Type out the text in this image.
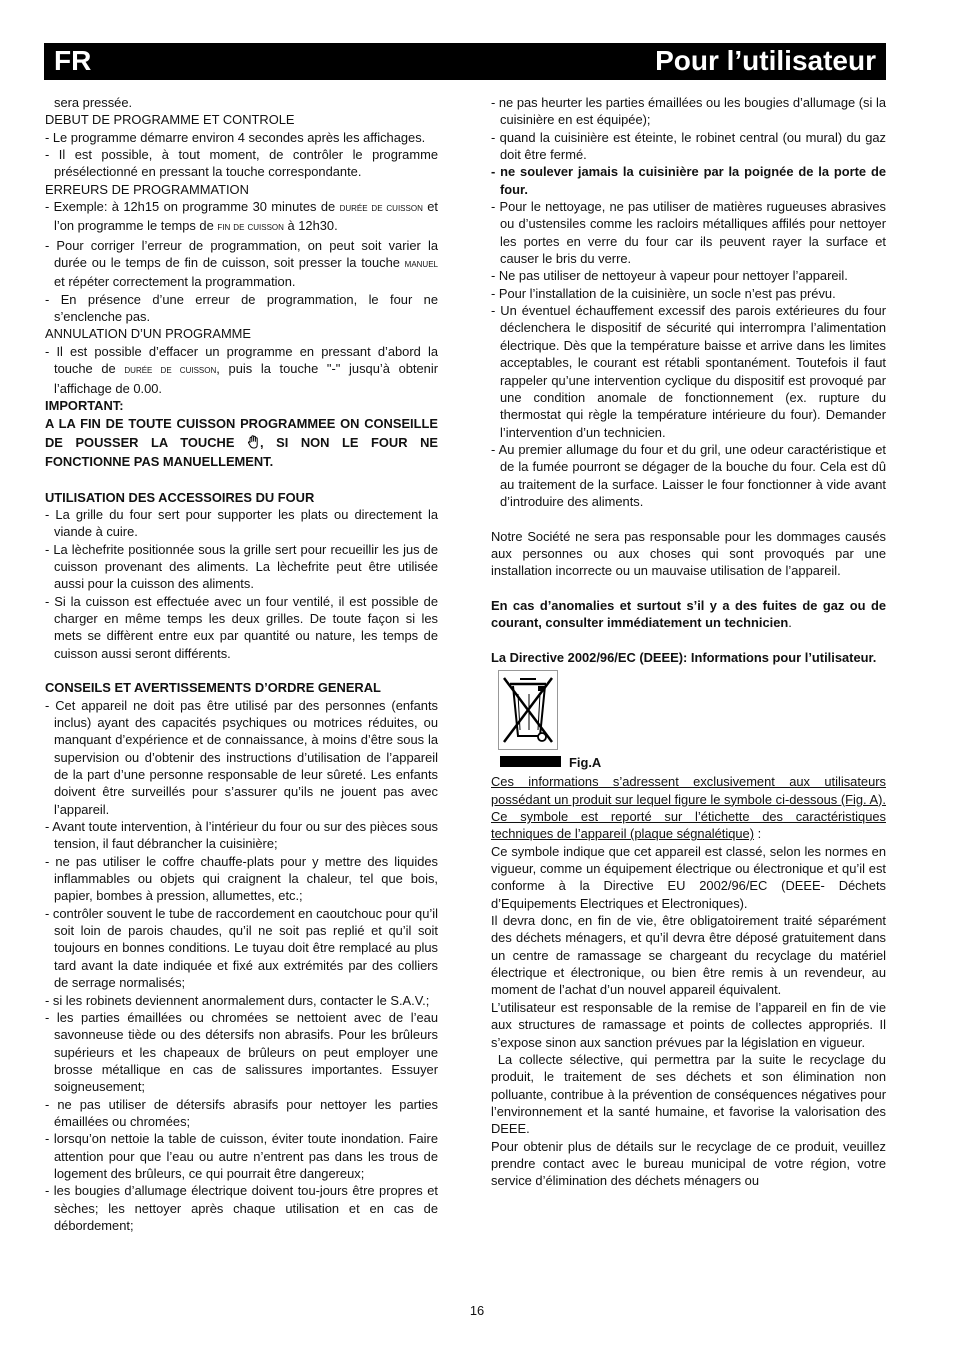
FR	Pour l’utilisateur

sera pressée.

DEBUT DE PROGRAMME ET CONTROLE

- Le programme démarre environ 4 secondes après les affichages.

- Il est possible, à tout moment, de contrôler le programme présélectionné en pressant la touche correspondante.

ERREURS DE PROGRAMMATION

- Exemple: à 12h15 on programme 30 minutes de durée de cuisson et l’on programme le temps de fin de cuisson à 12h30.

- Pour corriger l’erreur de programmation, on peut soit varier la durée ou le temps de fin de cuisson, soit presser la touche manuel et répéter correctement la programmation.

- En présence d’une erreur de programmation, le four ne s’enclenche pas.

ANNULATION D’UN PROGRAMME

- Il est possible d’effacer un programme en pressant d’abord la touche de durée de cuisson, puis la touche "-" jusqu’à obtenir l’affichage de 0.00.

IMPORTANT:

A LA FIN DE TOUTE CUISSON PROGRAMMEE ON CONSEILLE DE POUSSER LA TOUCHE , SI NON LE FOUR NE FONCTIONNE PAS MANUELLEMENT.

UTILISATION DES ACCESSOIRES DU FOUR

- La grille du four sert pour supporter les plats ou directement la viande à cuire.

- La lèchefrite positionnée sous la grille sert pour recueillir les jus de cuisson provenant des aliments. La lèchefrite peut être utilisée aussi pour la cuisson des aliments.

- Si la cuisson est effectuée avec un four ventilé, il est possible de charger en même temps les deux grilles. De toute façon si les mets se diffèrent entre eux par quantité ou nature, les temps de cuisson aussi seront différents.

CONSEILS ET AVERTISSEMENTS D’ORDRE GENERAL

- Cet appareil ne doit pas être utilisé par des personnes (enfants inclus) ayant des capacités psychiques ou motrices réduites, ou manquant d’expérience et de connaissance, à moins d’être sous la supervision ou d’obtenir des instructions d’utilisation de l’appareil de la part d’une personne responsable de leur sûreté. Les enfants doivent être surveillés pour s’assurer qu’ils ne jouent pas avec l’appareil.

- Avant toute intervention, à l’intérieur du four ou sur des pièces sous tension, il faut débrancher la cuisinière;

- ne pas utiliser le coffre chauffe-plats pour y mettre des liquides inflammables ou objets qui craignent la chaleur, tel que bois, papier, bombes à pression, allumettes, etc.;

- contrôler souvent le tube de raccordement en caoutchouc pour qu’il soit loin de parois chaudes, qu’il ne soit pas replié et qu’il soit toujours en bonnes conditions. Le tuyau doit être remplacé au plus tard avant la date indiquée et fixé aux extrémités par des colliers de serrage normalisés;

- si les robinets deviennent anormalement durs, contacter le S.A.V.;

- les parties émaillées ou chromées se nettoient avec de l’eau savonneuse tiède ou des détersifs non abrasifs. Pour les brûleurs supérieurs et les chapeaux de brûleurs on peut employer une brosse métallique en cas de salissures importantes. Essuyer soigneusement;

- ne pas utiliser de détersifs abrasifs pour nettoyer les parties émaillées ou chromées;

- lorsqu’on nettoie la table de cuisson, éviter toute inondation. Faire attention pour que l’eau ou autre n’entrent pas dans les trous de logement des brûleurs, ce qui pourrait être dangereux;

- les bougies d’allumage électrique doivent tou-jours être propres et sèches; les nettoyer après chaque utilisation et en cas de débordement;

- ne pas heurter les parties émaillées ou les bougies d’allumage (si la cuisinière en est équipée);

- quand la cuisinière est éteinte, le robinet central (ou mural) du gaz doit être fermé.

- ne soulever jamais la cuisinière par la poignée de la porte de four.

- Pour le nettoyage, ne pas utiliser de matières rugueuses abrasives ou d’ustensiles comme les racloirs métalliques affilés pour nettoyer les portes en verre du four car ils peuvent rayer la surface et causer le bris du verre.

- Ne pas utiliser de nettoyeur à vapeur pour nettoyer l’appareil.

- Pour l’installation de la cuisinière, un socle n’est pas prévu.

- Un éventuel échauffement excessif des parois extérieures du four déclenchera le dispositif de sécurité qui interrompra l’alimentation électrique. Dès que la température baisse et arrive dans les limites acceptables, le courant est rétabli spontanément. Toutefois il faut rappeler qu’une intervention cyclique du dispositif est provoqué par une condition anomale de fonctionnement (ex. rupture du thermostat qui règle la température intérieure du four). Demander l’intervention d’un technicien.

- Au premier allumage du four et du gril, une odeur caractéristique et de la fumée pourront se dégager de la bouche du four. Cela est dû au traitement de la surface. Laisser le four fonctionner à vide avant d’introduire des aliments.

Notre Société ne sera pas responsable pour les dommages causés aux personnes ou aux choses qui sont provoqués par une installation incorrecte ou un mauvaise utilisation de l’appareil.

En cas d’anomalies et surtout s’il y a des fuites de gaz ou de courant, consulter immédiatement un technicien.

La Directive 2002/96/EC (DEEE): Informations pour l’utilisateur.

Fig.A

Ces informations s’adressent exclusivement aux utilisateurs possédant un produit sur lequel figure le symbole ci-dessous (Fig. A). Ce symbole est reporté sur l’étichette des caractéristiques techniques de l’appareil (plaque ségnalétique) :

Ce symbole indique que cet appareil est classé, selon les normes en vigueur, comme un équipement électrique ou électronique et qu’il est conforme à la Directive EU 2002/96/EC (DEEE- Déchets d’Equipements Electriques et Electroniques).

Il devra donc, en fin de vie, être obligatoirement traité séparément des déchets ménagers, et qu’il devra être déposé gratuitement dans un centre de ramassage se chargeant du recyclage du matériel électrique et électronique, ou bien être remis à un revendeur, au moment de l’achat d’un nouvel appareil équivalent.

L’utilisateur est responsable de la remise de l’appareil en fin de vie aux structures de ramassage et points de collectes appropriés. Il s’expose sinon aux sanction prévues par la législation en vigueur.

La collecte sélective, qui permettra par la suite le recyclage du produit, le traitement de ses déchets et son élimination non polluante, contribue à la prévention de conséquences négatives pour l’environnement et la santé humaine, et favorise la valorisation des DEEE.

Pour obtenir plus de détails sur le recyclage de ce produit, veuillez prendre contact avec le bureau municipal de votre région, votre service d’élimination des déchets ménagers ou

16
